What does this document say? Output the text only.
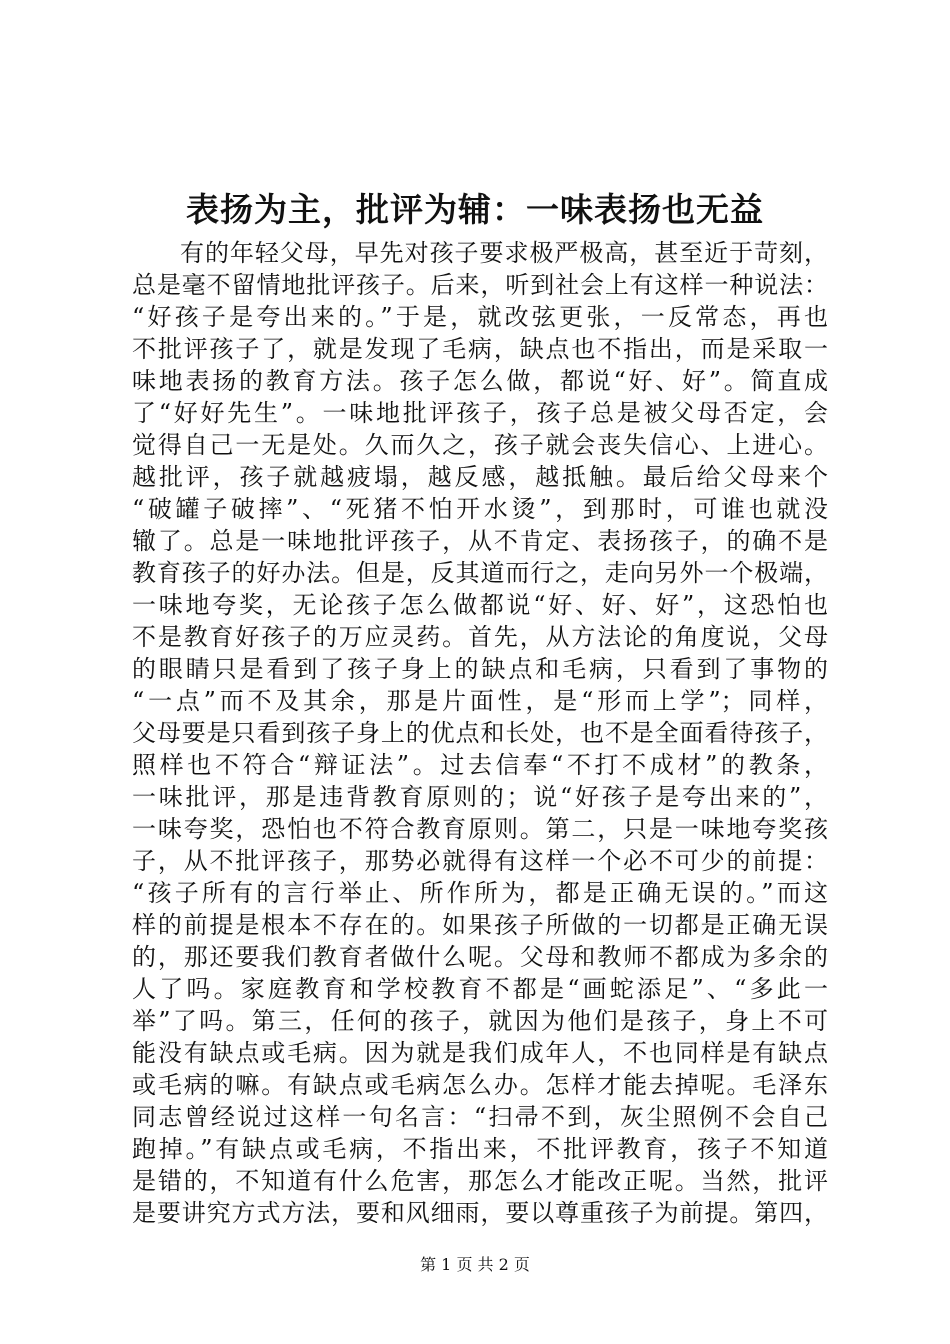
表扬为主，批评为辅：一味表扬也无益
有的年轻父母，早先对孩子要求极严极高，甚至近于苛刻，
总是毫不留情地批评孩子。后来，听到社会上有这样一种说法：
“好孩子是夸出来的。”于是，就改弦更张，一反常态，再也
不批评孩子了，就是发现了毛病，缺点也不指出，而是采取一
味地表扬的教育方法。孩子怎么做，都说“好、好”。简直成
了“好好先生”。一味地批评孩子，孩子总是被父母否定，会
觉得自己一无是处。久而久之，孩子就会丧失信心、上进心。
越批评，孩子就越疲塌，越反感，越抵触。最后给父母来个
“破罐子破摔”、“死猪不怕开水烫”，到那时，可谁也就没
辙了。总是一味地批评孩子，从不肯定、表扬孩子，的确不是
教育孩子的好办法。但是，反其道而行之，走向另外一个极端，
一味地夸奖，无论孩子怎么做都说“好、好、好”，这恐怕也
不是教育好孩子的万应灵药。首先，从方法论的角度说，父母
的眼睛只是看到了孩子身上的缺点和毛病，只看到了事物的
“一点”而不及其余，那是片面性，是“形而上学”；同样，
父母要是只看到孩子身上的优点和长处，也不是全面看待孩子，
照样也不符合“辩证法”。过去信奉“不打不成材”的教条，
一味批评，那是违背教育原则的；说“好孩子是夸出来的”，
一味夸奖，恐怕也不符合教育原则。第二，只是一味地夸奖孩
子，从不批评孩子，那势必就得有这样一个必不可少的前提：
“孩子所有的言行举止、所作所为，都是正确无误的。”而这
样的前提是根本不存在的。如果孩子所做的一切都是正确无误
的，那还要我们教育者做什么呢。父母和教师不都成为多余的
人了吗。家庭教育和学校教育不都是“画蛇添足”、“多此一
举”了吗。第三，任何的孩子，就因为他们是孩子，身上不可
能没有缺点或毛病。因为就是我们成年人，不也同样是有缺点
或毛病的嘛。有缺点或毛病怎么办。怎样才能去掉呢。毛泽东
同志曾经说过这样一句名言：“扫帚不到，灰尘照例不会自己
跑掉。”有缺点或毛病，不指出来，不批评教育，孩子不知道
是错的，不知道有什么危害，那怎么才能改正呢。当然，批评
是要讲究方式方法，要和风细雨，要以尊重孩子为前提。第四，
第 1 页 共 2 页
